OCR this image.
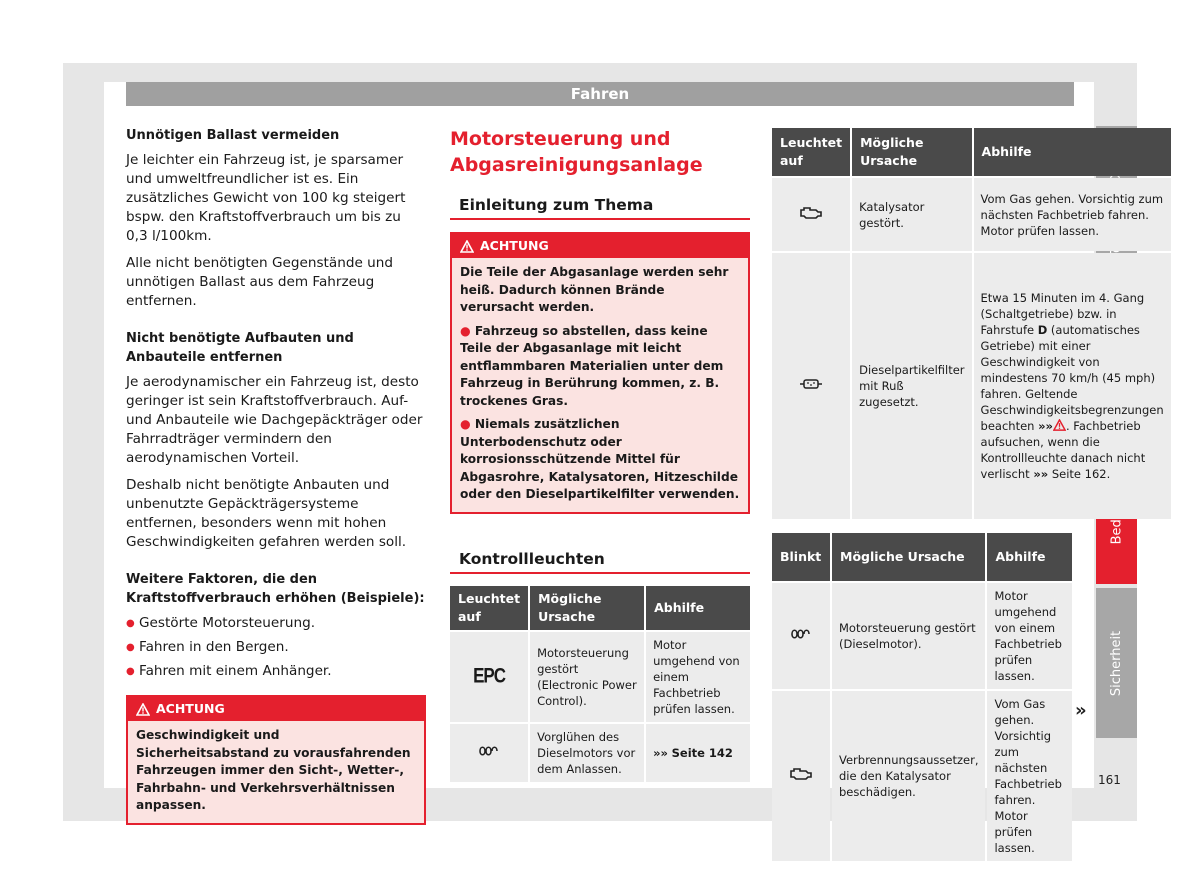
Fahren
Sicherheit
161
Unnötigen Ballast vermeiden

Je leichter ein Fahrzeug ist, je sparsamer und umweltfreundlicher ist es. Ein zusätzliches Gewicht von 100 kg steigert bspw. den Kraftstoffverbrauch um bis zu 0,3 l/100km.

Alle nicht benötigten Gegenstände und unnötigen Ballast aus dem Fahrzeug entfernen.

Nicht benötigte Aufbauten und Anbauteile entfernen

Je aerodynamischer ein Fahrzeug ist, desto geringer ist sein Kraftstoffverbrauch. Auf- und Anbauteile wie Dachgepäckträger oder Fahrradträger vermindern den aerodynamischen Vorteil.

Deshalb nicht benötigte Anbauten und unbenutzte Gepäckträgersysteme entfernen, besonders wenn mit hohen Geschwindigkeiten gefahren werden soll.

Weitere Faktoren, die den Kraftstoffverbrauch erhöhen (Beispiele):
● Gestörte Motorsteuerung.
● Fahren in den Bergen.
● Fahren mit einem Anhänger.
ACHTUNG
Geschwindigkeit und Sicherheitsabstand zu vorausfahrenden Fahrzeugen immer den Sicht-, Wetter-, Fahrbahn- und Verkehrsverhältnissen anpassen.
Motorsteuerung und
Abgasreinigungsanlage
Einleitung zum Thema
ACHTUNG

Die Teile der Abgasanlage werden sehr heiß. Dadurch können Brände verursacht werden.

● Fahrzeug so abstellen, dass keine Teile der Abgasanlage mit leicht entflammbaren Materialien unter dem Fahrzeug in Berührung kommen, z. B. trockenes Gras.

● Niemals zusätzlichen Unterbodenschutz oder korrosionsschützende Mittel für Abgasrohre, Katalysatoren, Hitzeschilde oder den Dieselpartikelfilter verwenden.

Kontrollleuchten
Leuchtet auf	Mögliche Ursache	Abhilfe
EPC	Motorsteuerung gestört (Electronic Power Control).	Motor umgehend von einem Fachbetrieb prüfen lassen.
	Vorglühen des Dieselmotors vor dem Anlassen.	»» Seite 142
Leuchtet auf	Mögliche Ursache	Abhilfe
	Katalysator gestört.	Vom Gas gehen. Vorsichtig zum nächsten Fachbetrieb fahren. Motor prüfen lassen.
	Dieselpartikelfilter mit Ruß zugesetzt.	Etwa 15 Minuten im 4. Gang (Schaltgetriebe) bzw. in Fahrstufe D (automatisches Getriebe) mit einer Geschwindigkeit von mindestens 70 km/h (45 mph) fahren. Geltende Geschwindigkeitsbegrenzungen beachten »» . Fachbetrieb aufsuchen, wenn die Kontrollleuchte danach nicht verlischt »» Seite 162.
Blinkt	Mögliche Ursache	Abhilfe
	Motorsteuerung gestört (Dieselmotor).	Motor umgehend von einem Fachbetrieb prüfen lassen.
	Verbrennungsaussetzer, die den Katalysator beschädigen.	Vom Gas gehen. Vorsichtig zum nächsten Fachbetrieb fahren. Motor prüfen lassen.
»
